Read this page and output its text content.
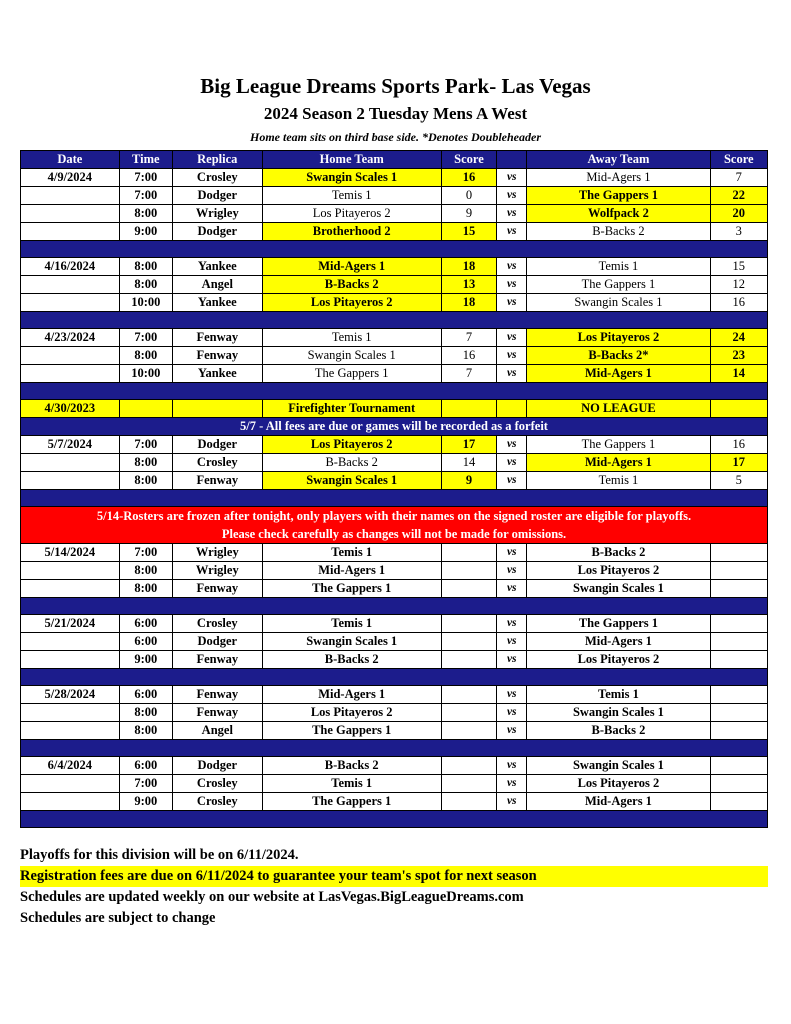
Big League Dreams Sports Park- Las Vegas
2024 Season 2 Tuesday Mens A West
Home team sits on third base side. *Denotes Doubleheader
Date	Time	Replica	Home Team	Score		Away Team	Score
4/9/2024	7:00	Crosley	Swangin Scales 1	16	vs	Mid-Agers 1	7
	7:00	Dodger	Temis 1	0	vs	The Gappers 1	22
	8:00	Wrigley	Los Pitayeros 2	9	vs	Wolfpack 2	20
	9:00	Dodger	Brotherhood 2	15	vs	B-Backs 2	3

4/16/2024	8:00	Yankee	Mid-Agers 1	18	vs	Temis 1	15
	8:00	Angel	B-Backs 2	13	vs	The Gappers 1	12
	10:00	Yankee	Los Pitayeros 2	18	vs	Swangin Scales 1	16

4/23/2024	7:00	Fenway	Temis 1	7	vs	Los Pitayeros 2	24
	8:00	Fenway	Swangin Scales 1	16	vs	B-Backs 2*	23
	10:00	Yankee	The Gappers 1	7	vs	Mid-Agers 1	14

4/30/2023			Firefighter Tournament			NO LEAGUE	
5/7 - All fees are due or games will be recorded as a forfeit							
5/7/2024	7:00	Dodger	Los Pitayeros 2	17	vs	The Gappers 1	16
	8:00	Crosley	B-Backs 2	14	vs	Mid-Agers 1	17
	8:00	Fenway	Swangin Scales 1	9	vs	Temis 1	5

5/14-Rosters are frozen after tonight, only players with their names on the signed roster are eligible for playoffs.
Please check carefully as changes will not be made for omissions.							

5/14/2024	7:00	Wrigley	Temis 1		vs	B-Backs 2	
	8:00	Wrigley	Mid-Agers 1		vs	Los Pitayeros 2	
	8:00	Fenway	The Gappers 1		vs	Swangin Scales 1	

5/21/2024	6:00	Crosley	Temis 1		vs	The Gappers 1	
	6:00	Dodger	Swangin Scales 1		vs	Mid-Agers 1	
	9:00	Fenway	B-Backs 2		vs	Los Pitayeros 2	

5/28/2024	6:00	Fenway	Mid-Agers 1		vs	Temis 1	
	8:00	Fenway	Los Pitayeros 2		vs	Swangin Scales 1	
	8:00	Angel	The Gappers 1		vs	B-Backs 2	

6/4/2024	6:00	Dodger	B-Backs 2		vs	Swangin Scales 1	
	7:00	Crosley	Temis 1		vs	Los Pitayeros 2	
	9:00	Crosley	The Gappers 1		vs	Mid-Agers 1	

Playoffs for this division will be on 6/11/2024.
Registration fees are due on 6/11/2024 to guarantee your team's spot for next season
Schedules are updated weekly on our website at LasVegas.BigLeagueDreams.com
Schedules are subject to change
